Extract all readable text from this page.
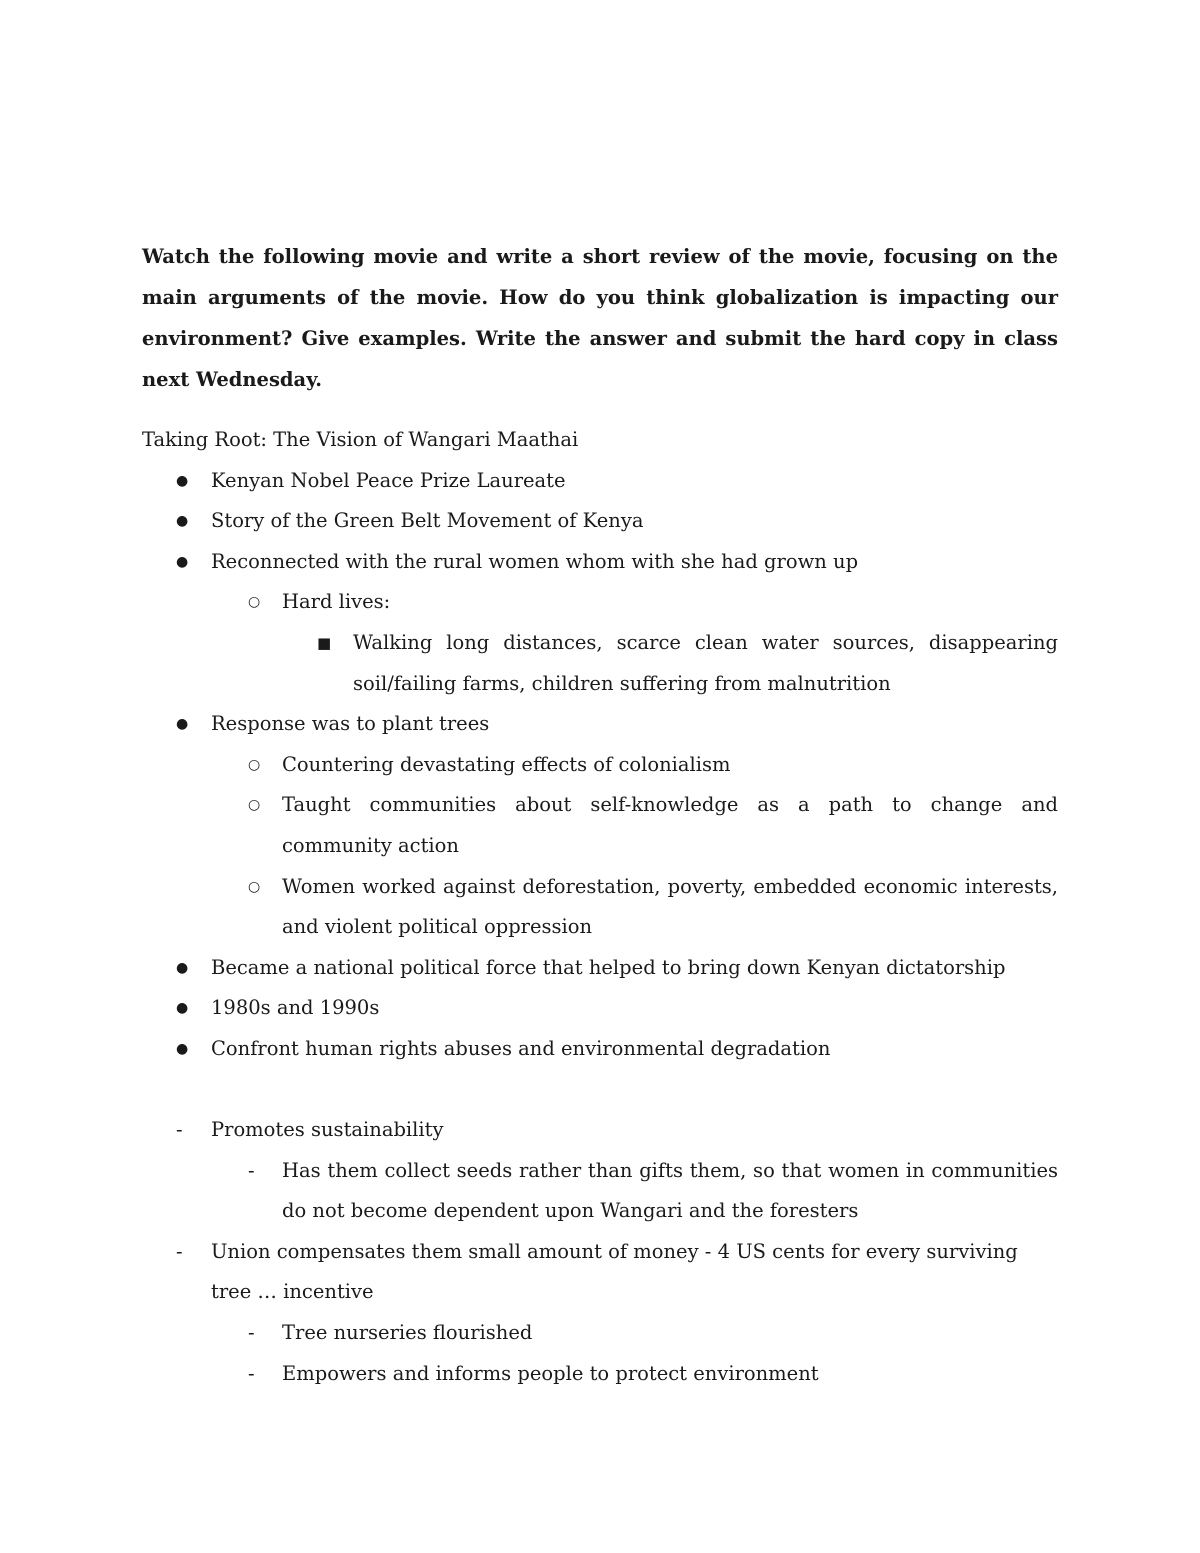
Watch the following movie and write a short review of the movie, focusing on the main arguments of the movie. How do you think globalization is impacting our environment? Give examples. Write the answer and submit the hard copy in class next Wednesday.

Taking Root: The Vision of Wangari Maathai

●	Kenyan Nobel Peace Prize Laureate
●	Story of the Green Belt Movement of Kenya
●	Reconnected with the rural women whom with she had grown up
○	Hard lives:
■	Walking long distances, scarce clean water sources, disappearing soil/failing farms, children suffering from malnutrition
●	Response was to plant trees
○	Countering devastating effects of colonialism
○	Taught communities about self-knowledge as a path to change and community action
○	Women worked against deforestation, poverty, embedded economic interests, and violent political oppression
●	Became a national political force that helped to bring down Kenyan dictatorship
●	1980s and 1990s
●	Confront human rights abuses and environmental degradation
-	Promotes sustainability
-	Has them collect seeds rather than gifts them, so that women in communities do not become dependent upon Wangari and the foresters
-	Union compensates them small amount of money - 4 US cents for every surviving tree … incentive
-	Tree nurseries flourished
-	Empowers and informs people to protect environment
